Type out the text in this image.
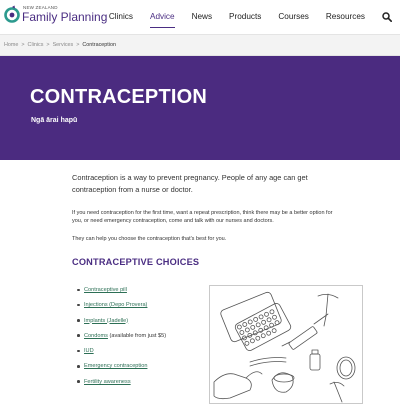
NEW ZEALAND
Family Planning Clinics Advice News Products Courses Resources
Home > Clinics > Services > Contraception
CONTRACEPTION
Ngā ārai hapū

Contraception is a way to prevent pregnancy. People of any age can get contraception from a nurse or doctor.

If you need contraception for the first time, want a repeat prescription, think there may be a better option for you, or need emergency contraception, come and talk with our nurses and doctors.

They can help you choose the contraception that's best for you.

CONTRACEPTIVE CHOICES
Contraceptive pill
Injections (Depo Provera)
Implants (Jadelle)
Condoms (available from just $5)
IUD
Emergency contraception
Fertility awareness
